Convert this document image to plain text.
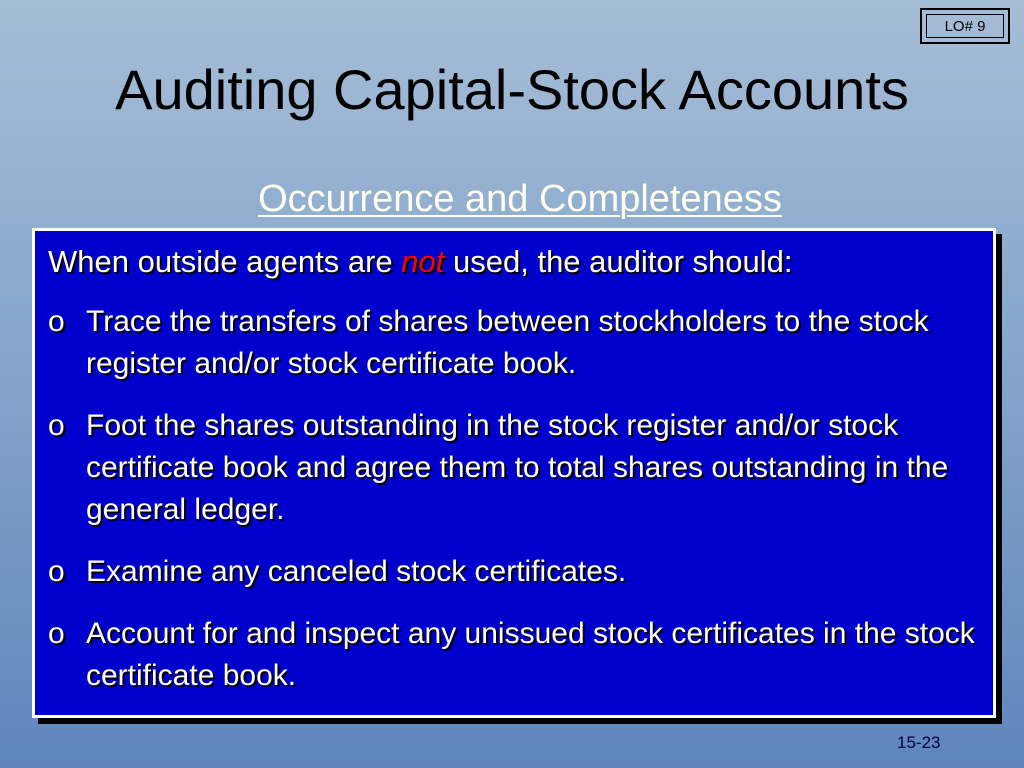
LO# 9
Auditing Capital-Stock Accounts
Occurrence and Completeness
When outside agents are not used, the auditor should:
o Trace the transfers of shares between stockholders to the stock register and/or stock certificate book.
o Foot the shares outstanding in the stock register and/or stock certificate book and agree them to total shares outstanding in the general ledger.
o Examine any canceled stock certificates.
o Account for and inspect any unissued stock certificates in the stock certificate book.
15-23
